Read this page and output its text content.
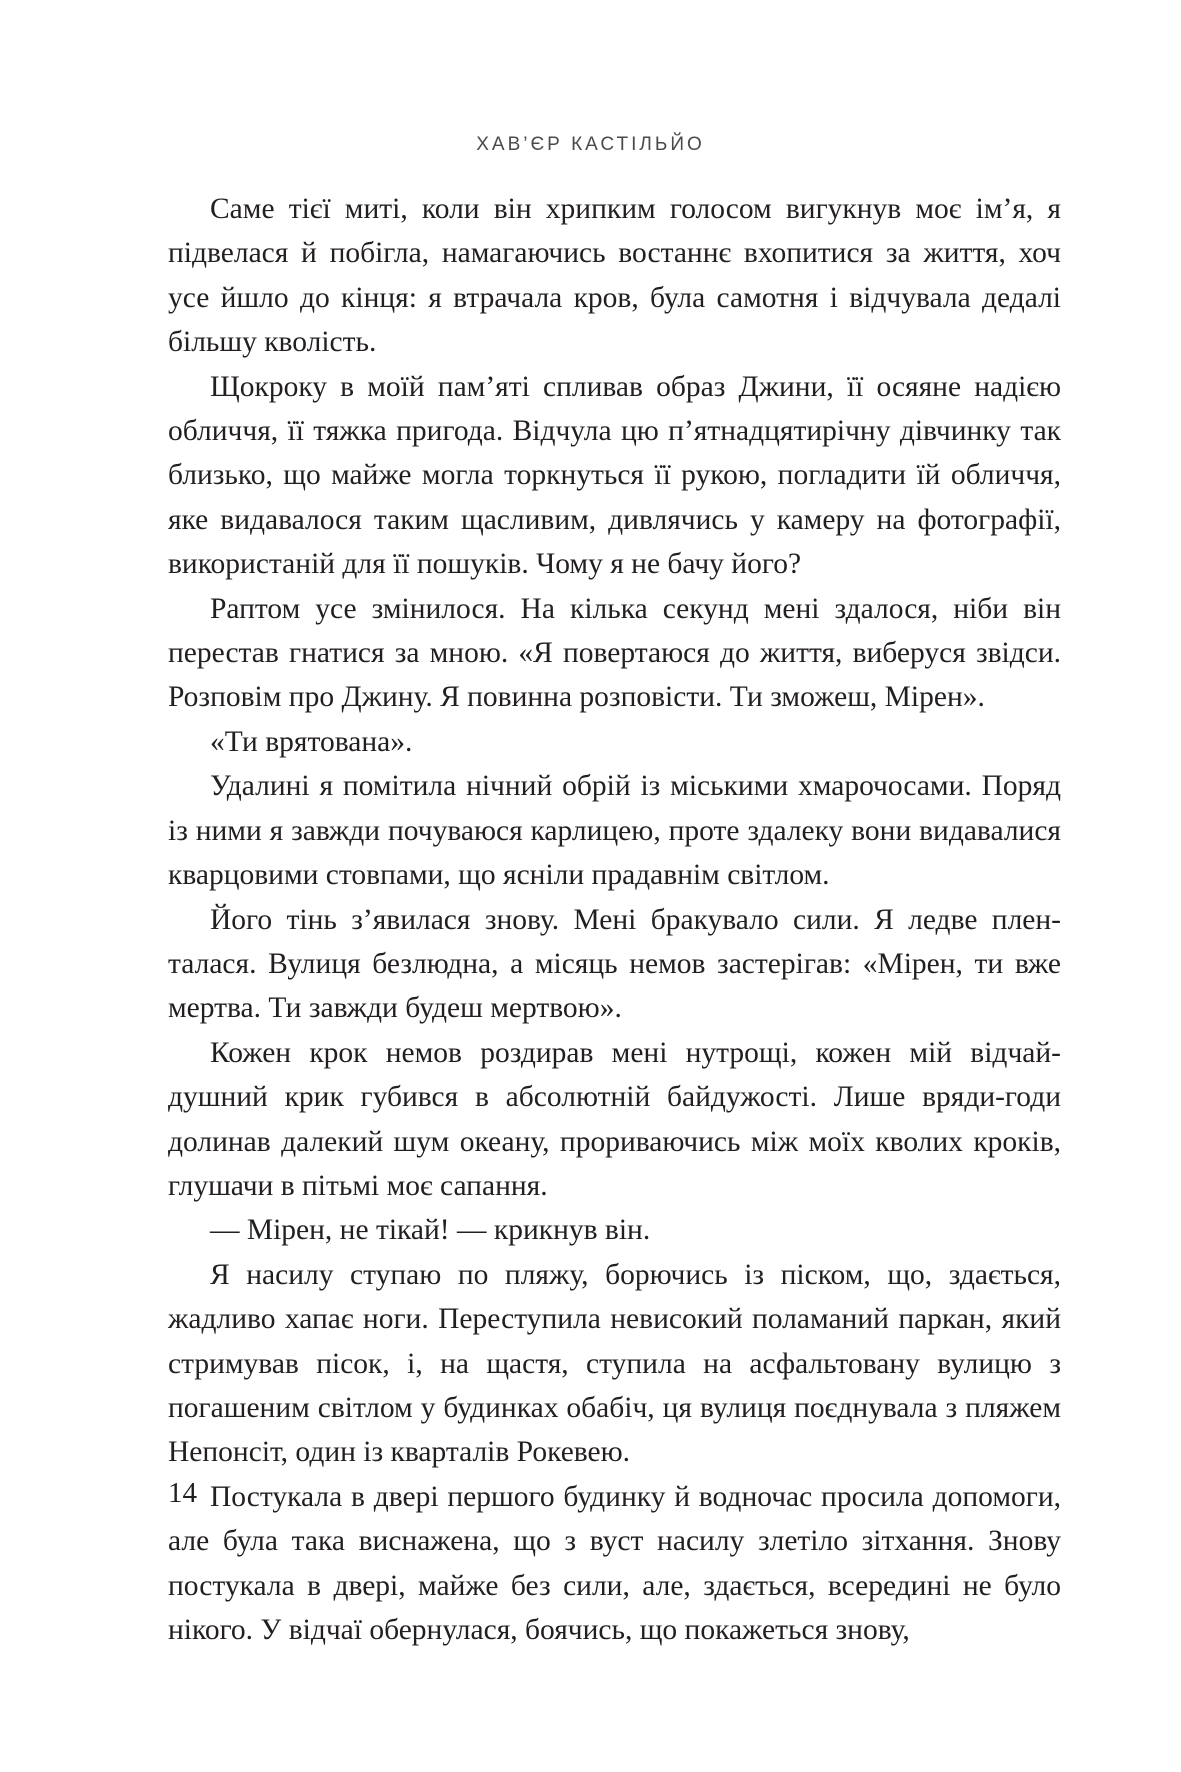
ХАВ’ЄР КАСТІЛЬЙО

Саме тієї миті, коли він хрипким голосом вигукнув моє ім’я, я підвелася й побігла, намагаючись востаннє вхопитися за життя, хоч усе йшло до кінця: я втрачала кров, була самотня і відчувала дедалі більшу кволість.

Щокроку в моїй пам’яті спливав образ Джини, її осяяне надією обличчя, її тяжка пригода. Відчула цю п’ятнадцятирічну дівчинку так близько, що майже могла торкнуться її рукою, погладити їй обличчя, яке видавалося таким щасливим, дивлячись у камеру на фотографії, використаній для її пошуків. Чому я не бачу його?

Раптом усе змінилося. На кілька секунд мені здалося, ніби він перестав гнатися за мною. «Я повертаюся до життя, виберуся звідси. Розповім про Джину. Я повинна розповісти. Ти зможеш, Мірен».

«Ти врятована».

Удалині я помітила нічний обрій із міськими хмарочосами. Поряд із ними я завжди почуваюся карлицею, проте здалеку вони видавалися кварцовими стовпами, що ясніли прадавнім світлом.

Його тінь з’явилася знову. Мені бракувало сили. Я ледве пленталася. Вулиця безлюдна, а місяць немов застерігав: «Мірен, ти вже мертва. Ти завжди будеш мертвою».

Кожен крок немов роздирав мені нутрощі, кожен мій відчайдушний крик губився в абсолютній байдужості. Лише вряди-годи долинав далекий шум океану, прориваючись між моїх кволих кроків, глушачи в пітьмі моє сапання.

— Мірен, не тікай! — крикнув він.

Я насилу ступаю по пляжу, борючись із піском, що, здається, жадливо хапає ноги. Переступила невисокий поламаний паркан, який стримував пісок, і, на щастя, ступила на асфальтовану вулицю з погашеним світлом у будинках обабіч, ця вулиця поєднувала з пляжем Непонсіт, один із кварталів Рокевею.

Постукала в двері першого будинку й водночас просила допомоги, але була така виснажена, що з вуст насилу злетіло зітхання. Знову постукала в двері, майже без сили, але, здається, всередині не було нікого. У відчаї обернулася, боячись, що покажеться знову,

14
